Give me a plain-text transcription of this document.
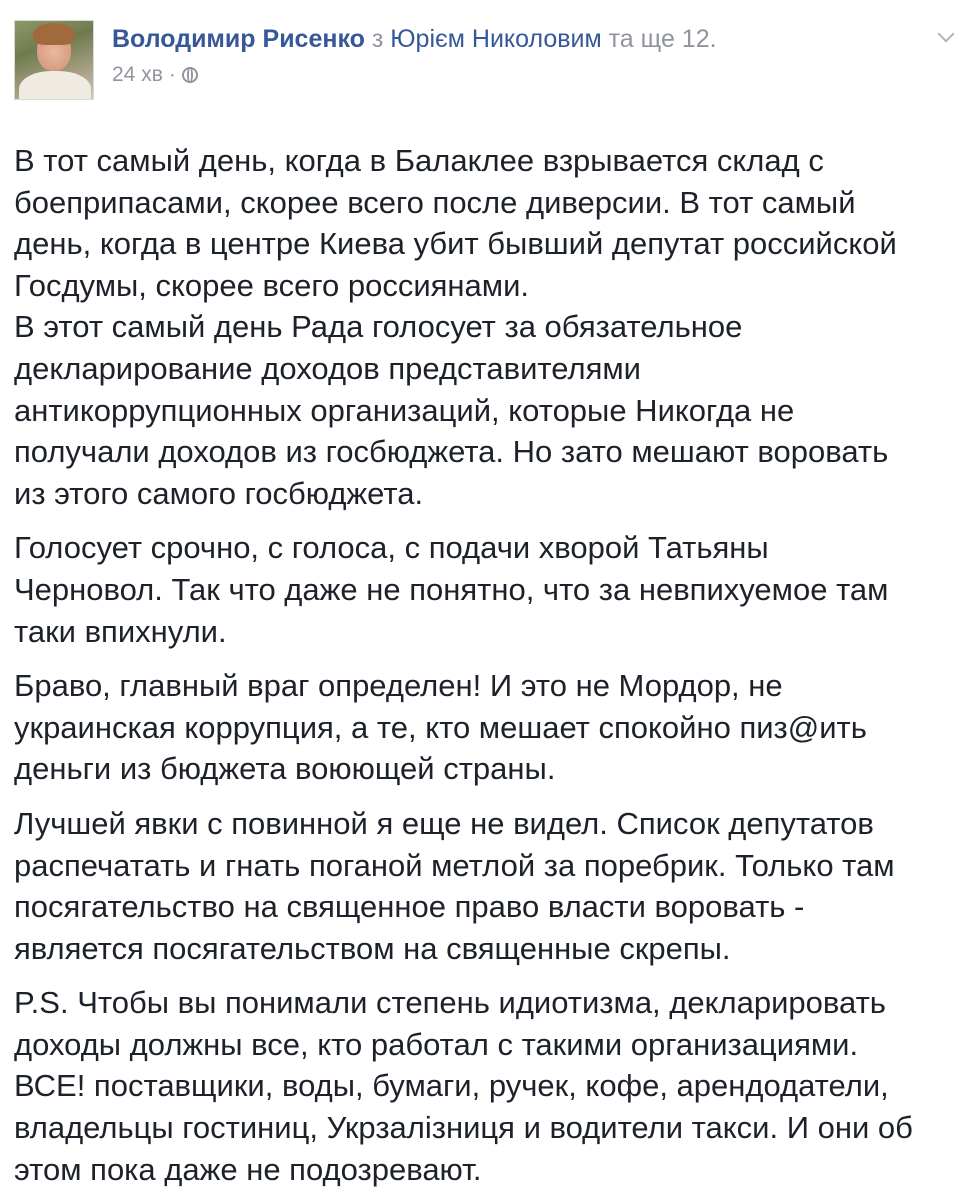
Володимир Рисенко з Юрієм Николовим та ще 12.
24 хв ·

В тот самый день, когда в Балаклее взрывается склад с
боеприпасами, скорее всего после диверсии. В тот самый
день, когда в центре Киева убит бывший депутат российской
Госдумы, скорее всего россиянами.
В этот самый день Рада голосует за обязательное
декларирование доходов представителями
антикоррупционных организаций, которые Никогда не
получали доходов из госбюджета. Но зато мешают воровать
из этого самого госбюджета.

Голосует срочно, с голоса, с подачи хворой Татьяны
Черновол. Так что даже не понятно, что за невпихуемое там
таки впихнули.

Браво, главный враг определен! И это не Мордор, не
украинская коррупция, а те, кто мешает спокойно пиз@ить
деньги из бюджета воюющей страны.

Лучшей явки с повинной я еще не видел. Список депутатов
распечатать и гнать поганой метлой за поребрик. Только там
посягательство на священное право власти воровать -
является посягательством на священные скрепы.

P.S. Чтобы вы понимали степень идиотизма, декларировать
доходы должны все, кто работал с такими организациями.
ВСЕ! поставщики, воды, бумаги, ручек, кофе, арендодатели,
владельцы гостиниц, Укрзалізниця и водители такси. И они об
этом пока даже не подозревают.
